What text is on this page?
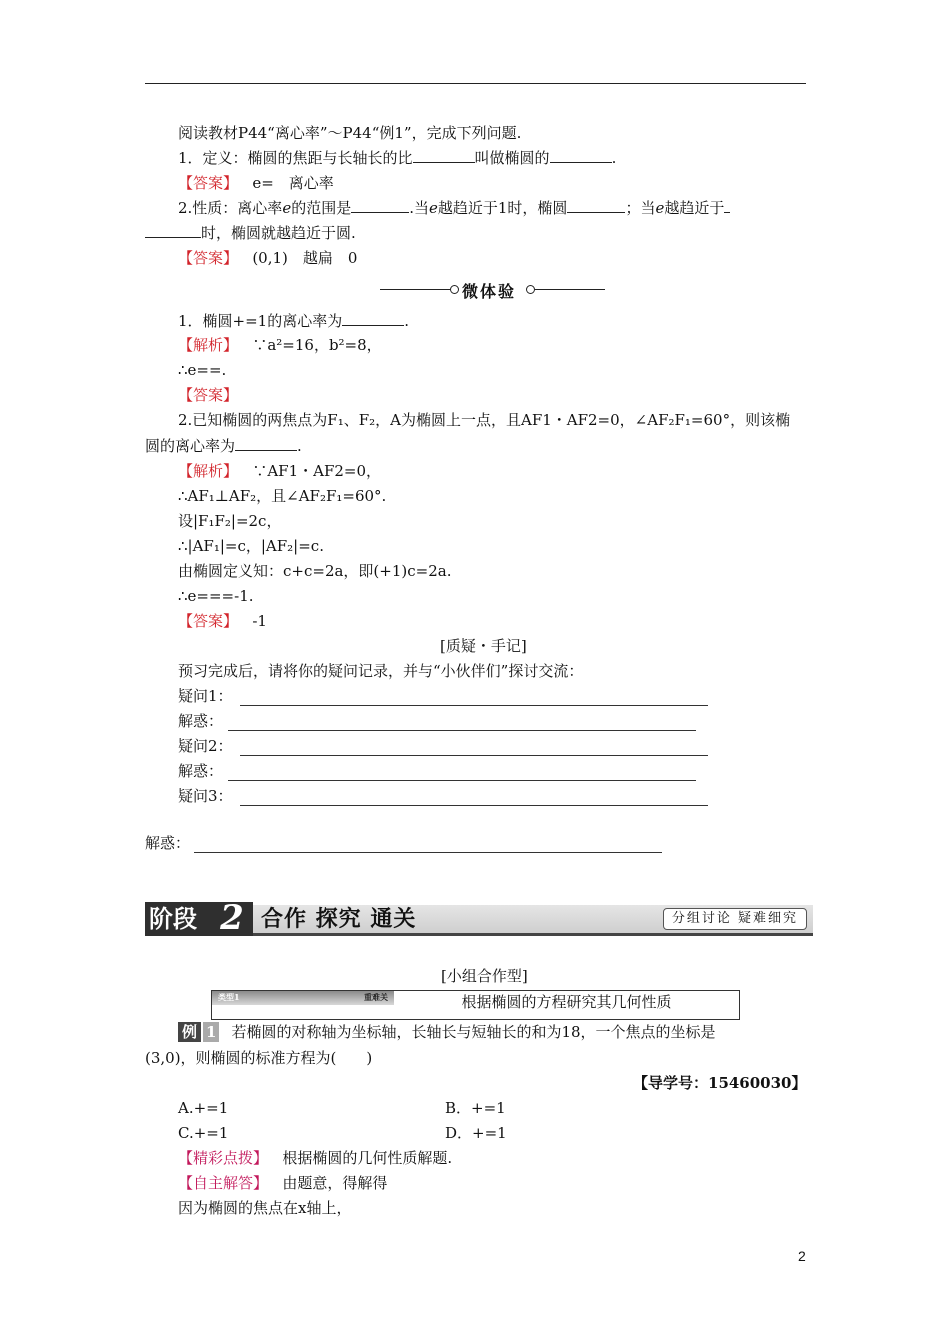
阅读教材P44“离心率”～P44“例1”，完成下列问题.
1．定义：椭圆的焦距与长轴长的比	叫做椭圆的	.
【答案】 e=　离心率
2.性质：离心率e的范围是	.当e越趋近于1时，椭圆	；当e越趋近于
时，椭圆就越趋近于圆.
【答案】 (0,1)　越扁　0
微体验
1．椭圆+=1的离心率为	.
【解析】 ∵a²=16，b²=8，
∴e==.
【答案】
2.已知椭圆的两焦点为F₁、F₂，A为椭圆上一点，且AF1・AF2=0，∠AF₂F₁=60°，则该椭
圆的离心率为	.
【解析】 ∵AF1・AF2=0，
∴AF₁⊥AF₂，且∠AF₂F₁=60°.
设|F₁F₂|=2c，
∴|AF₁|=c，|AF₂|=c.
由椭圆定义知：c+c=2a，即(+1)c=2a.
∴e===-1.
【答案】 -1
[质疑・手记]
预习完成后，请将你的疑问记录，并与“小伙伴们”探讨交流：
疑问1：
解惑：
疑问2：
解惑：
疑问3：
解惑：
阶段 2 合作 探究 通关	分组讨论 疑难细究
[小组合作型]
类型1	重难关	根据椭圆的方程研究其几何性质
例 1 若椭圆的对称轴为坐标轴，长轴长与短轴长的和为18，一个焦点的坐标是
(3,0)，则椭圆的标准方程为(　　)
【导学号：15460030】
A.+=1	B．+=1
C.+=1	D．+=1
【精彩点拨】 根据椭圆的几何性质解题.
【自主解答】 由题意，得解得
因为椭圆的焦点在x轴上，
2
